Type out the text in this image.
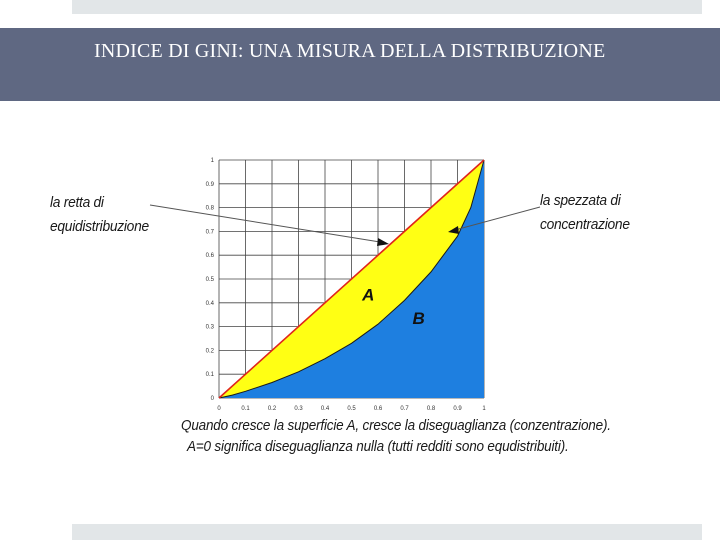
INDICE DI GINI: UNA MISURA DELLA DISTRIBUZIONE
0	0.1	0.2	0.3	0.4	0.5	0.6	0.7	0.8	0.9	1
0
0.1
0.2
0.3
0.4
0.5
0.6
0.7
0.8
0.9
1
A
B
la retta di
equidistribuzione
la spezzata di
concentrazione
Quando cresce la superficie A, cresce la diseguaglianza (conzentrazione).
A=0 significa diseguaglianza nulla (tutti redditi sono equdistribuiti).
